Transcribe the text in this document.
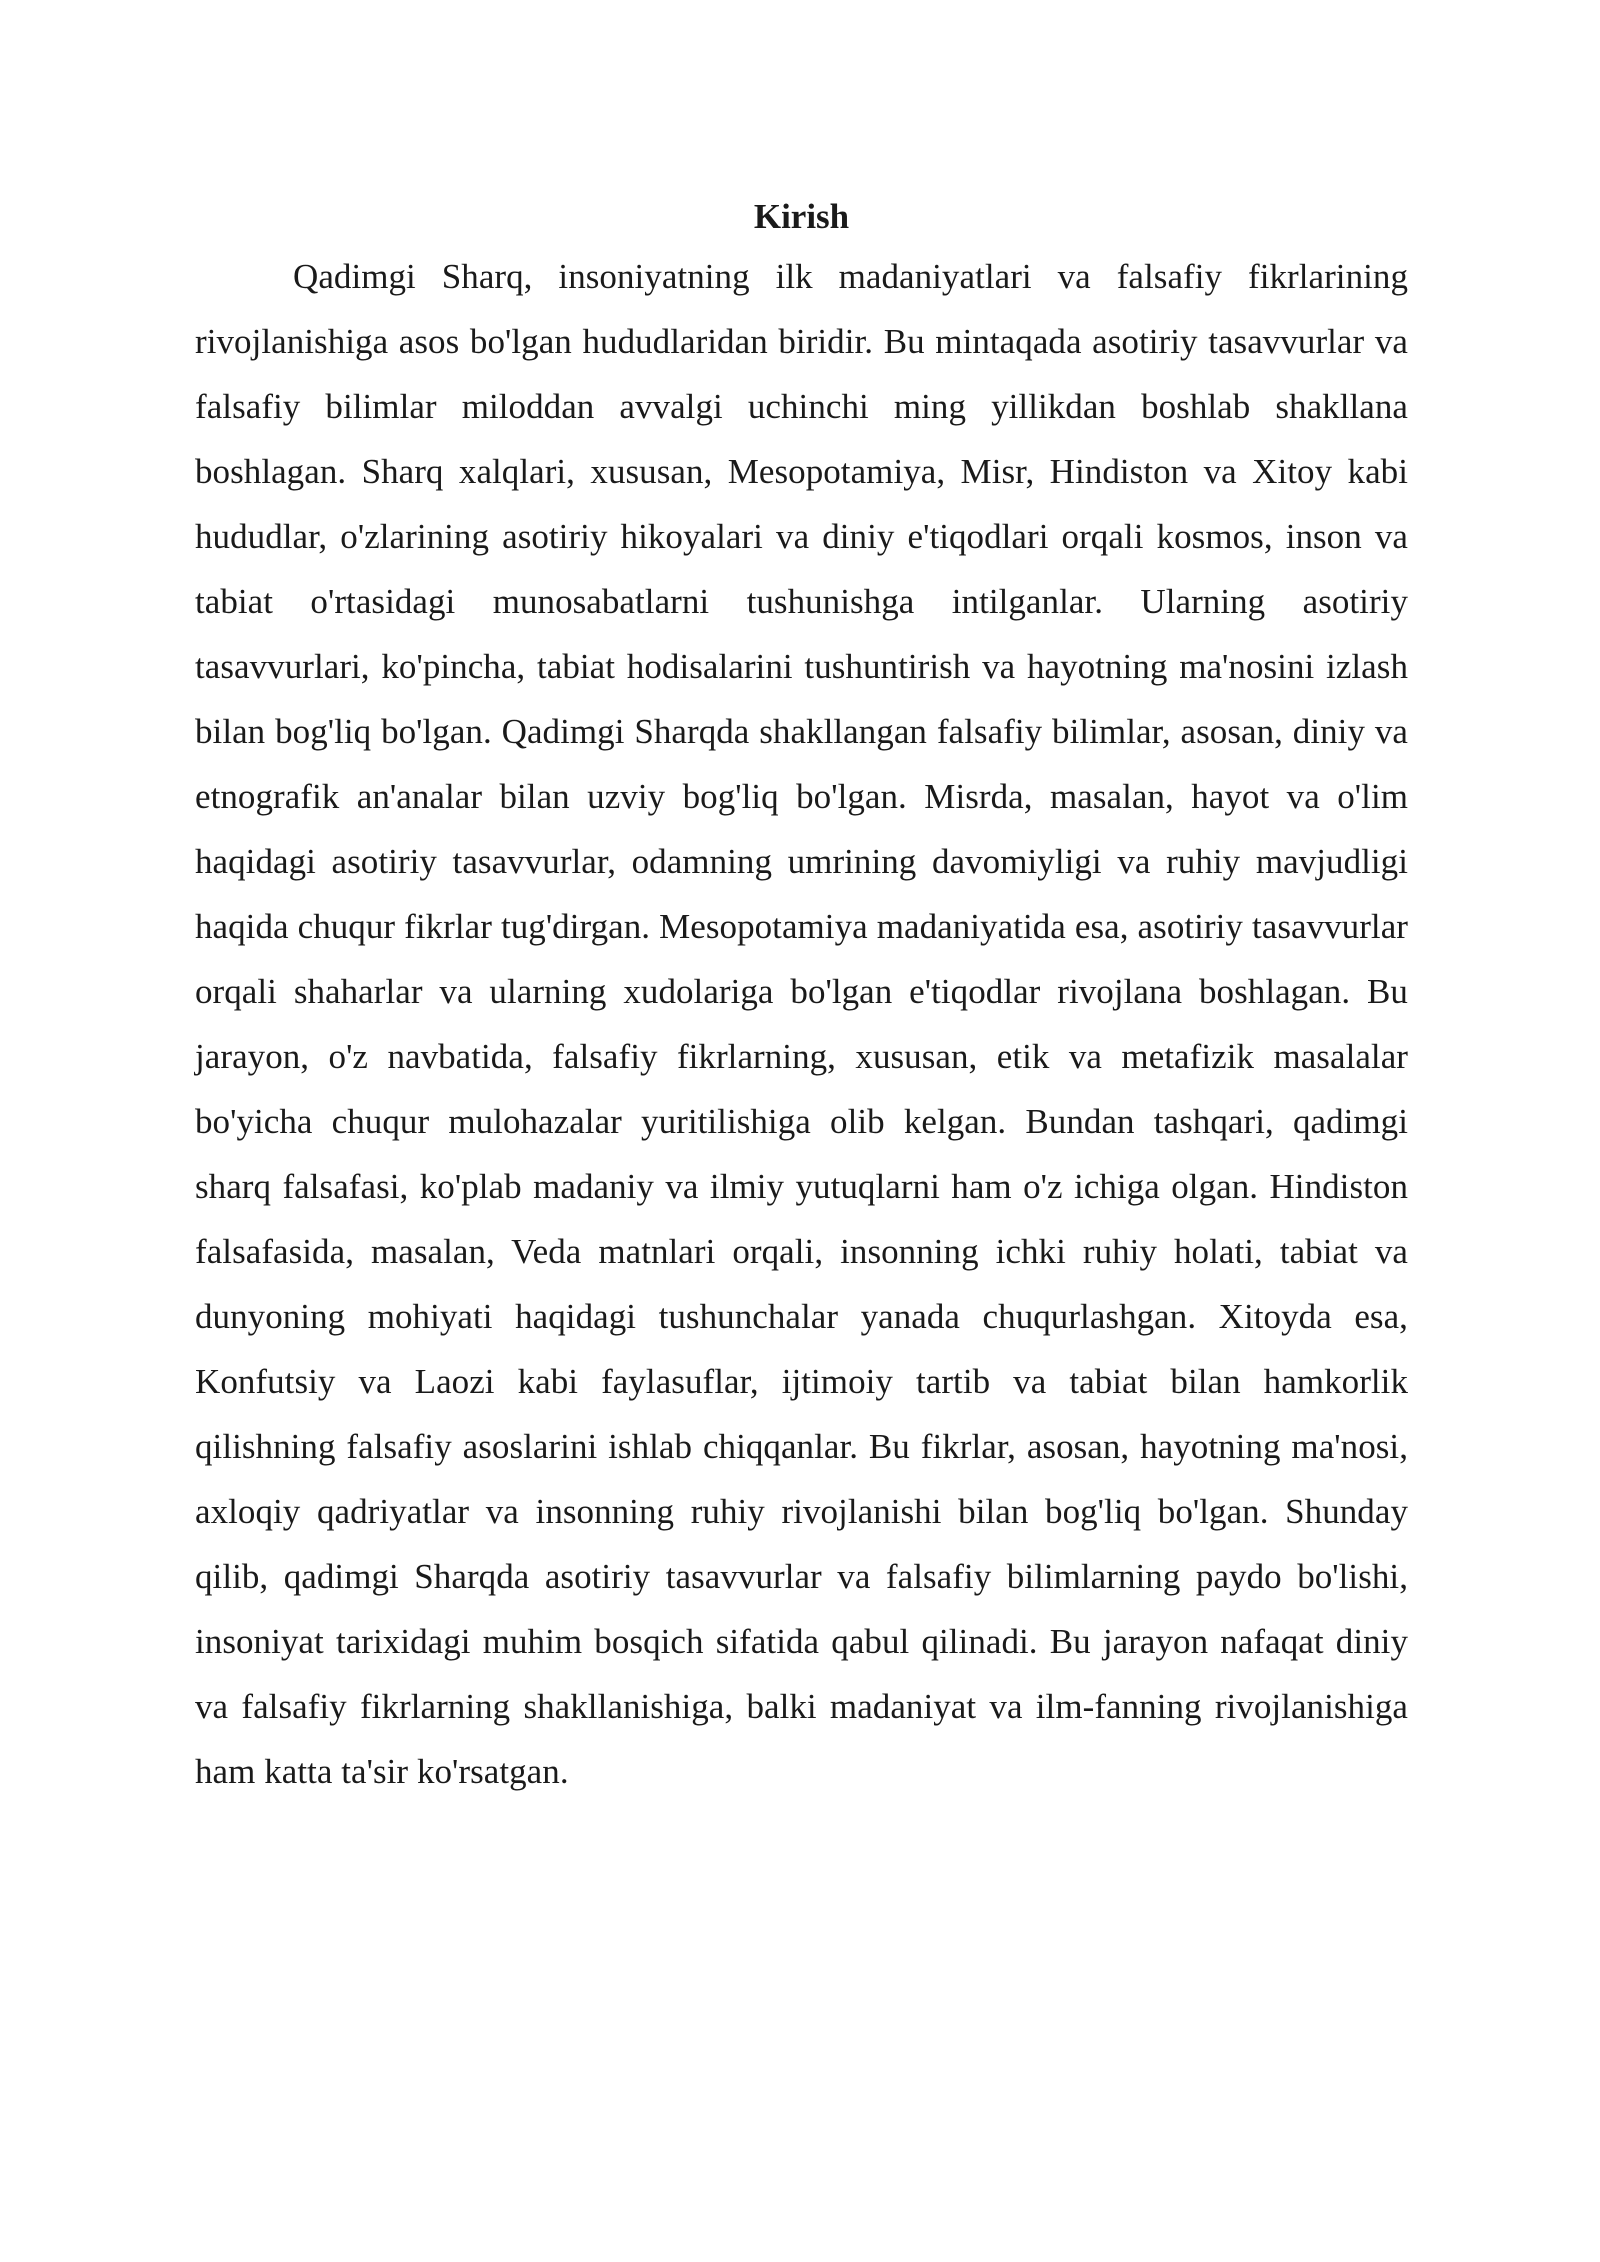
Kirish

Qadimgi Sharq, insoniyatning ilk madaniyatlari va falsafiy fikrlarining rivojlanishiga asos bo'lgan hududlaridan biridir. Bu mintaqada asotiriy tasavvurlar va falsafiy bilimlar miloddan avvalgi uchinchi ming yillikdan boshlab shakllana boshlagan. Sharq xalqlari, xususan, Mesopotamiya, Misr, Hindiston va Xitoy kabi hududlar, o'zlarining asotiriy hikoyalari va diniy e'tiqodlari orqali kosmos, inson va tabiat o'rtasidagi munosabatlarni tushunishga intilganlar. Ularning asotiriy tasavvurlari, ko'pincha, tabiat hodisalarini tushuntirish va hayotning ma'nosini izlash bilan bog'liq bo'lgan. Qadimgi Sharqda shakllangan falsafiy bilimlar, asosan, diniy va etnografik an'analar bilan uzviy bog'liq bo'lgan. Misrda, masalan, hayot va o'lim haqidagi asotiriy tasavvurlar, odamning umrining davomiyligi va ruhiy mavjudligi haqida chuqur fikrlar tug'dirgan. Mesopotamiya madaniyatida esa, asotiriy tasavvurlar orqali shaharlar va ularning xudolariga bo'lgan e'tiqodlar rivojlana boshlagan. Bu jarayon, o'z navbatida, falsafiy fikrlarning, xususan, etik va metafizik masalalar bo'yicha chuqur mulohazalar yuritilishiga olib kelgan. Bundan tashqari, qadimgi sharq falsafasi, ko'plab madaniy va ilmiy yutuqlarni ham o'z ichiga olgan. Hindiston falsafasida, masalan, Veda matnlari orqali, insonning ichki ruhiy holati, tabiat va dunyoning mohiyati haqidagi tushunchalar yanada chuqurlashgan. Xitoyda esa, Konfutsiy va Laozi kabi faylasuflar, ijtimoiy tartib va tabiat bilan hamkorlik qilishning falsafiy asoslarini ishlab chiqqanlar. Bu fikrlar, asosan, hayotning ma'nosi, axloqiy qadriyatlar va insonning ruhiy rivojlanishi bilan bog'liq bo'lgan. Shunday qilib, qadimgi Sharqda asotiriy tasavvurlar va falsafiy bilimlarning paydo bo'lishi, insoniyat tarixidagi muhim bosqich sifatida qabul qilinadi. Bu jarayon nafaqat diniy va falsafiy fikrlarning shakllanishiga, balki madaniyat va ilm-fanning rivojlanishiga ham katta ta'sir ko'rsatgan.
